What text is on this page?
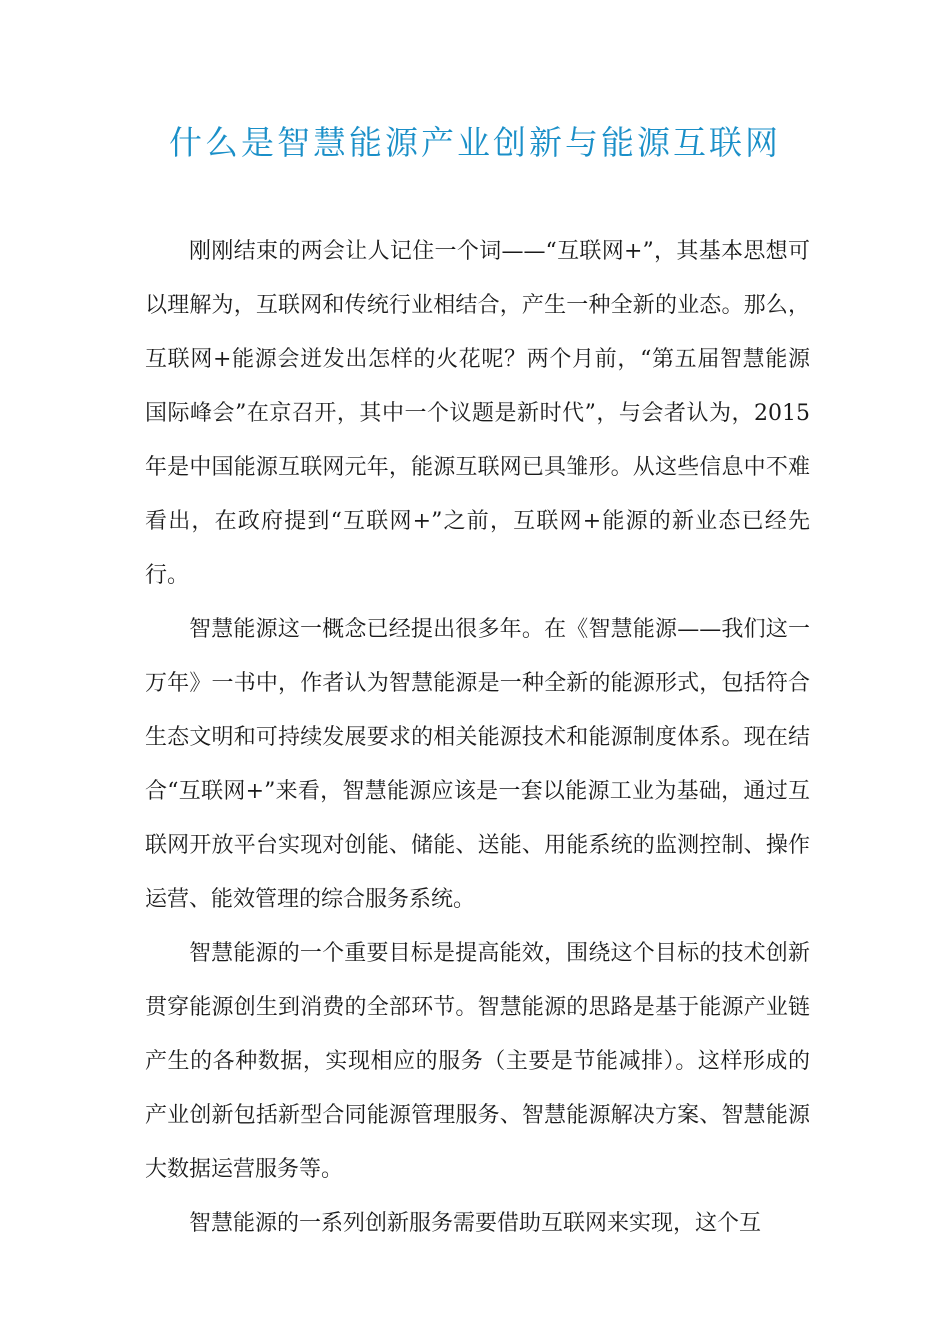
什么是智慧能源产业创新与能源互联网

刚刚结束的两会让人记住一个词——“互联网+”，其基本思想可以理解为，互联网和传统行业相结合，产生一种全新的业态。那么，互联网+能源会迸发出怎样的火花呢？两个月前，“第五届智慧能源国际峰会”在京召开，其中一个议题是新时代”，与会者认为，2015年是中国能源互联网元年，能源互联网已具雏形。从这些信息中不难看出，在政府提到“互联网+”之前，互联网+能源的新业态已经先行。

智慧能源这一概念已经提出很多年。在《智慧能源——我们这一万年》一书中，作者认为智慧能源是一种全新的能源形式，包括符合生态文明和可持续发展要求的相关能源技术和能源制度体系。现在结合“互联网+”来看，智慧能源应该是一套以能源工业为基础，通过互联网开放平台实现对创能、储能、送能、用能系统的监测控制、操作运营、能效管理的综合服务系统。

智慧能源的一个重要目标是提高能效，围绕这个目标的技术创新贯穿能源创生到消费的全部环节。智慧能源的思路是基于能源产业链产生的各种数据，实现相应的服务（主要是节能减排）。这样形成的产业创新包括新型合同能源管理服务、智慧能源解决方案、智慧能源大数据运营服务等。

智慧能源的一系列创新服务需要借助互联网来实现，这个互
